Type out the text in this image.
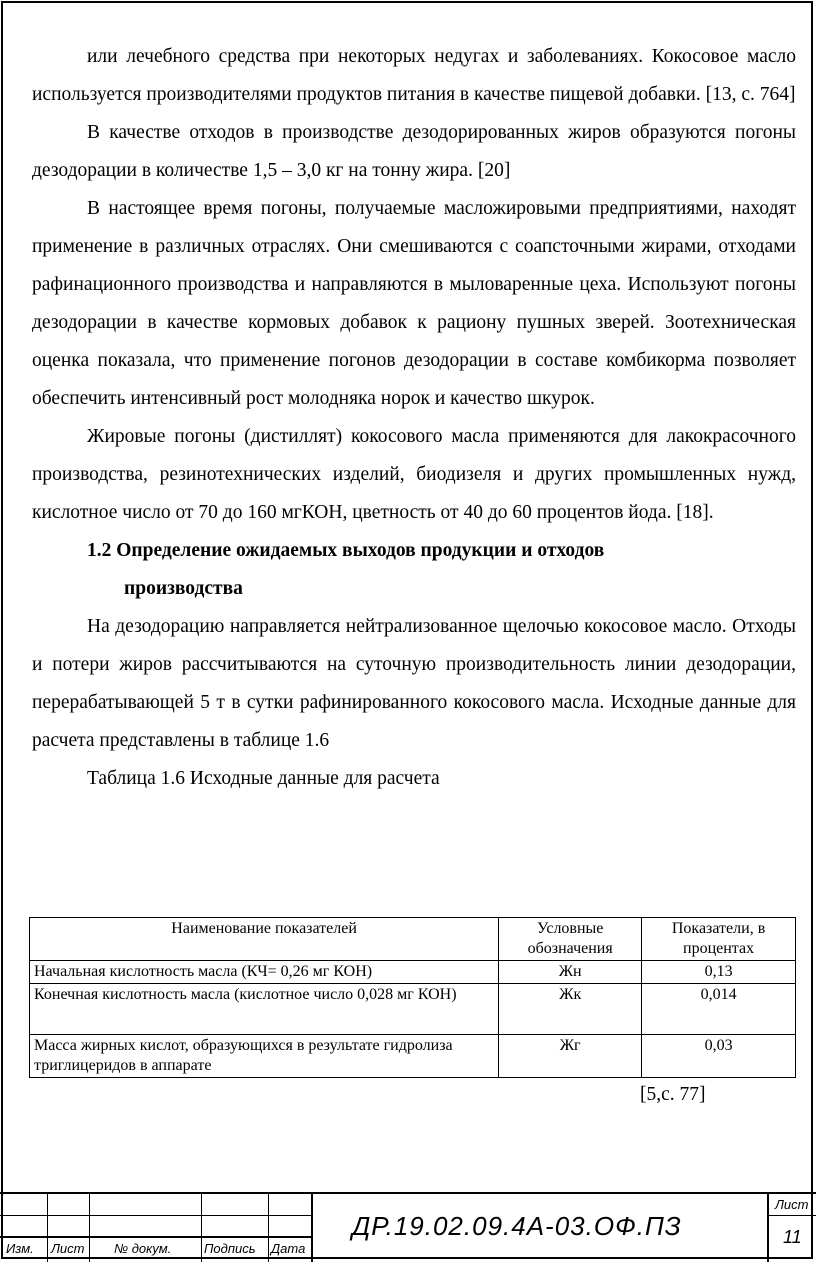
или лечебного средства при некоторых недугах и заболеваниях. Кокосовое масло используется производителями продуктов питания в качестве пищевой добавки. [13, с. 764]

В качестве отходов в производстве дезодорированных жиров образуются погоны дезодорации в количестве 1,5 – 3,0 кг на тонну жира. [20]

В настоящее время погоны, получаемые масложировыми предприятиями, находят применение в различных отраслях. Они смешиваются с соапсточными жирами, отходами рафинационного производства и направляются в мыловаренные цеха. Используют погоны дезодорации в качестве кормовых добавок к рациону пушных зверей. Зоотехническая оценка показала, что применение погонов дезодорации в составе комбикорма позволяет обеспечить интенсивный рост молодняка норок и качество шкурок.

Жировые погоны (дистиллят) кокосового масла применяются для лакокрасочного производства, резинотехнических изделий, биодизеля и других промышленных нужд, кислотное число от 70 до 160 мгКОН, цветность от 40 до 60 процентов йода. [18].

1.2 Определение ожидаемых выходов продукции и отходов
производства

На дезодорацию направляется нейтрализованное щелочью кокосовое масло. Отходы и потери жиров рассчитываются на суточную производительность линии дезодорации, перерабатывающей 5 т в сутки рафинированного кокосового масла. Исходные данные для расчета представлены в таблице 1.6

Таблица 1.6 Исходные данные для расчета

Наименование показателей	Условные обозначения	Показатели, в процентах
Начальная кислотность масла (КЧ= 0,26 мг КОН)	Жн	0,13
Конечная кислотность масла (кислотное число 0,028 мг КОН)	Жк	0,014
Масса жирных кислот, образующихся в результате гидролиза триглицеридов в аппарате	Жг	0,03
[5,с. 77]
Изм. Лист № докум.	Подпись Дата
ДР.19.02.09.4А-03.ОФ.ПЗ
Лист
11
